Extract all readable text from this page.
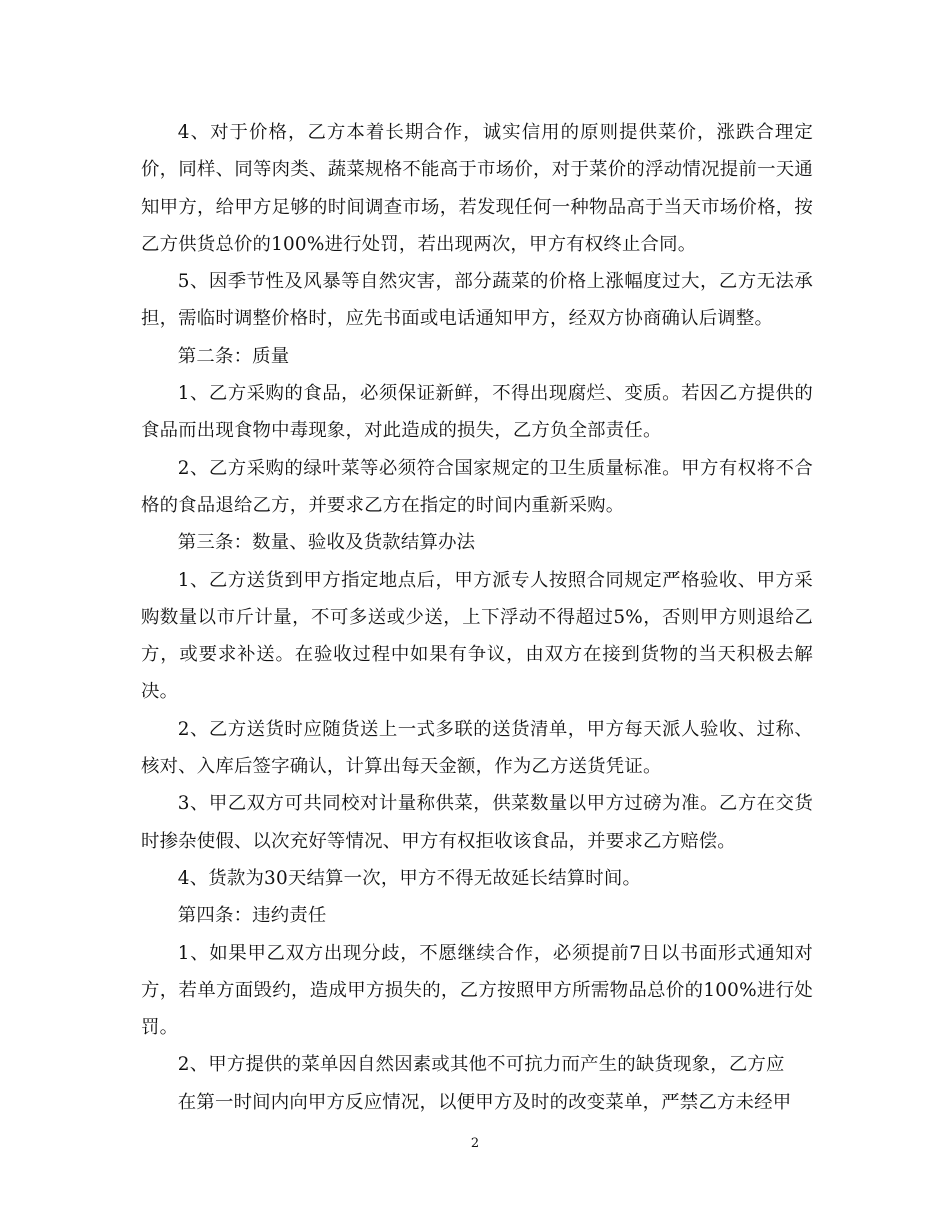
4、对于价格，乙方本着长期合作，诚实信用的原则提供菜价，涨跌合理定价，同样、同等肉类、蔬菜规格不能高于市场价，对于菜价的浮动情况提前一天通知甲方，给甲方足够的时间调查市场，若发现任何一种物品高于当天市场价格，按乙方供货总价的100%进行处罚，若出现两次，甲方有权终止合同。

5、因季节性及风暴等自然灾害，部分蔬菜的价格上涨幅度过大，乙方无法承担，需临时调整价格时，应先书面或电话通知甲方，经双方协商确认后调整。

第二条：质量

1、乙方采购的食品，必须保证新鲜，不得出现腐烂、变质。若因乙方提供的食品而出现食物中毒现象，对此造成的损失，乙方负全部责任。

2、乙方采购的绿叶菜等必须符合国家规定的卫生质量标准。甲方有权将不合格的食品退给乙方，并要求乙方在指定的时间内重新采购。

第三条：数量、验收及货款结算办法

1、乙方送货到甲方指定地点后，甲方派专人按照合同规定严格验收、甲方采购数量以市斤计量，不可多送或少送，上下浮动不得超过5%，否则甲方则退给乙方，或要求补送。在验收过程中如果有争议，由双方在接到货物的当天积极去解决。

2、乙方送货时应随货送上一式多联的送货清单，甲方每天派人验收、过称、核对、入库后签字确认，计算出每天金额，作为乙方送货凭证。

3、甲乙双方可共同校对计量称供菜，供菜数量以甲方过磅为准。乙方在交货时掺杂使假、以次充好等情况、甲方有权拒收该食品，并要求乙方赔偿。

4、货款为30天结算一次，甲方不得无故延长结算时间。

第四条：违约责任

1、如果甲乙双方出现分歧，不愿继续合作，必须提前7日以书面形式通知对方，若单方面毁约，造成甲方损失的，乙方按照甲方所需物品总价的100%进行处罚。

2、甲方提供的菜单因自然因素或其他不可抗力而产生的缺货现象，乙方应

在第一时间内向甲方反应情况，以便甲方及时的改变菜单，严禁乙方未经甲

2
